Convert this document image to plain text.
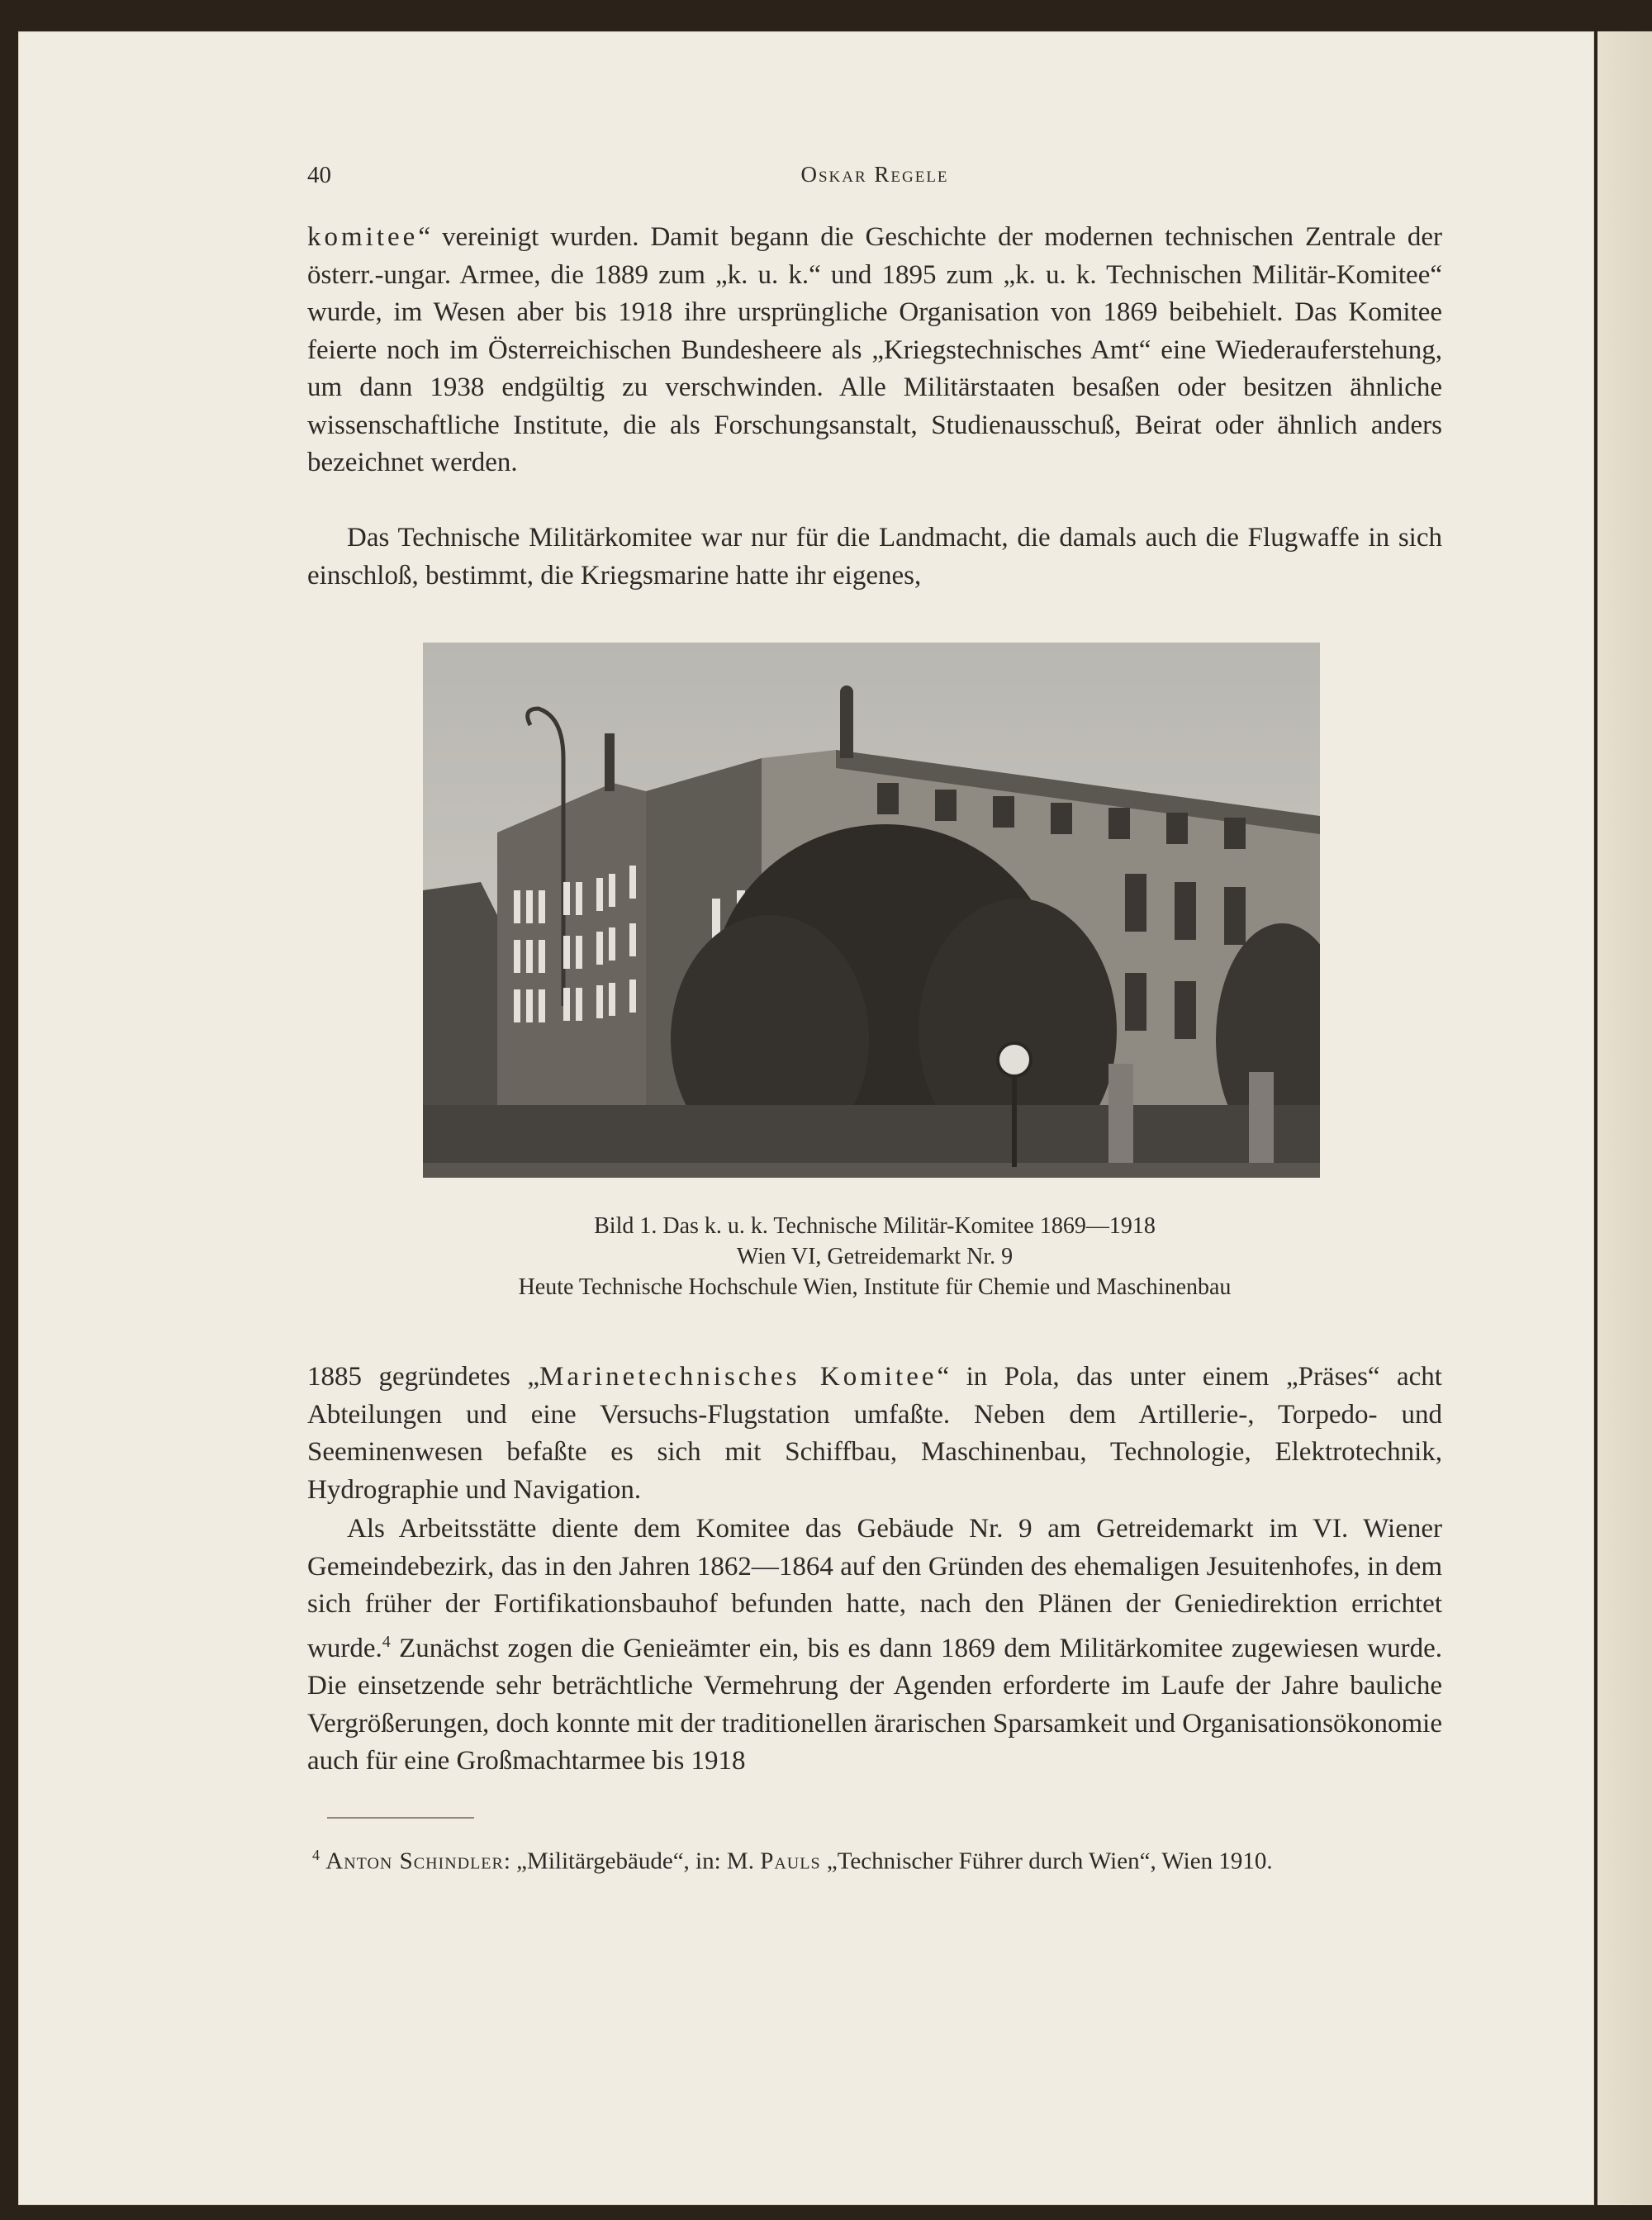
40	Oskar Regele

komitee“ vereinigt wurden. Damit begann die Geschichte der modernen technischen Zentrale der österr.-ungar. Armee, die 1889 zum „k. u. k.“ und 1895 zum „k. u. k. Technischen Militär-Komitee“ wurde, im Wesen aber bis 1918 ihre ursprüngliche Organisation von 1869 beibehielt. Das Komitee feierte noch im Österreichischen Bundesheere als „Kriegstechnisches Amt“ eine Wiederauferstehung, um dann 1938 endgültig zu verschwinden. Alle Militärstaaten besaßen oder besitzen ähnliche wissenschaftliche Institute, die als Forschungsanstalt, Studienausschuß, Beirat oder ähnlich anders bezeichnet werden.

Das Technische Militärkomitee war nur für die Landmacht, die damals auch die Flugwaffe in sich einschloß, bestimmt, die Kriegsmarine hatte ihr eigenes,

Bild 1. Das k. u. k. Technische Militär-Komitee 1869—1918
Wien VI, Getreidemarkt Nr. 9
Heute Technische Hochschule Wien, Institute für Chemie und Maschinenbau

1885 gegründetes „Marinetechnisches Komitee“ in Pola, das unter einem „Präses“ acht Abteilungen und eine Versuchs-Flugstation umfaßte. Neben dem Artillerie-, Torpedo- und Seeminenwesen befaßte es sich mit Schiffbau, Maschinenbau, Technologie, Elektrotechnik, Hydrographie und Navigation.

Als Arbeitsstätte diente dem Komitee das Gebäude Nr. 9 am Getreidemarkt im VI. Wiener Gemeindebezirk, das in den Jahren 1862—1864 auf den Gründen des ehemaligen Jesuitenhofes, in dem sich früher der Fortifikationsbauhof befunden hatte, nach den Plänen der Geniedirektion errichtet wurde.$^4$ Zunächst zogen die Genieämter ein, bis es dann 1869 dem Militärkomitee zugewiesen wurde. Die einsetzende sehr beträchtliche Vermehrung der Agenden erforderte im Laufe der Jahre bauliche Vergrößerungen, doch konnte mit der traditionellen ärarischen Sparsamkeit und Organisationsökonomie auch für eine Großmachtarmee bis 1918

$^4$ Anton Schindler: „Militärgebäude“, in: M. Pauls „Technischer Führer durch Wien“, Wien 1910.
